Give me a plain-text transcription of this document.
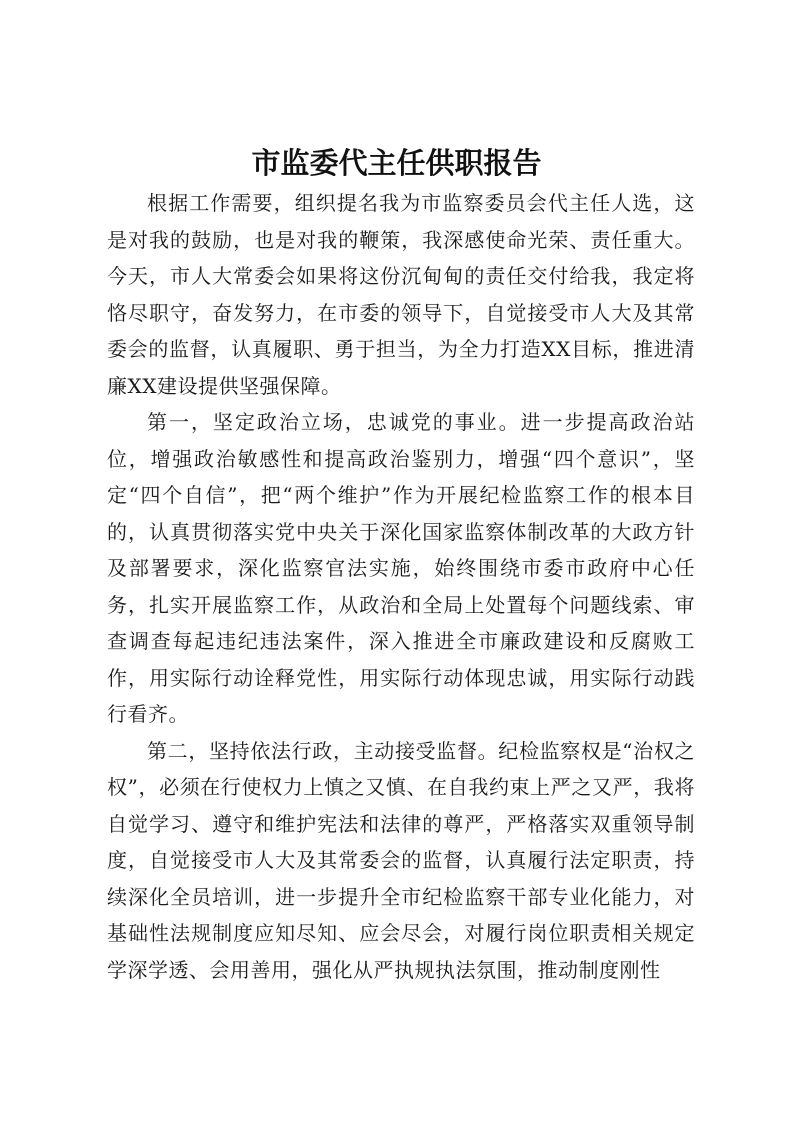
市监委代主任供职报告

根据工作需要，组织提名我为市监察委员会代主任人选，这是对我的鼓励，也是对我的鞭策，我深感使命光荣、责任重大。今天，市人大常委会如果将这份沉甸甸的责任交付给我，我定将恪尽职守，奋发努力，在市委的领导下，自觉接受市人大及其常委会的监督，认真履职、勇于担当，为全力打造XX目标，推进清廉XX建设提供坚强保障。

第一，坚定政治立场，忠诚党的事业。进一步提高政治站位，增强政治敏感性和提高政治鉴别力，增强“四个意识”，坚定“四个自信”，把“两个维护”作为开展纪检监察工作的根本目的，认真贯彻落实党中央关于深化国家监察体制改革的大政方针及部署要求，深化监察官法实施，始终围绕市委市政府中心任务，扎实开展监察工作，从政治和全局上处置每个问题线索、审查调查每起违纪违法案件，深入推进全市廉政建设和反腐败工作，用实际行动诠释党性，用实际行动体现忠诚，用实际行动践行看齐。

第二，坚持依法行政，主动接受监督。纪检监察权是“治权之权”，必须在行使权力上慎之又慎、在自我约束上严之又严，我将自觉学习、遵守和维护宪法和法律的尊严，严格落实双重领导制度，自觉接受市人大及其常委会的监督，认真履行法定职责，持续深化全员培训，进一步提升全市纪检监察干部专业化能力，对基础性法规制度应知尽知、应会尽会，对履行岗位职责相关规定学深学透、会用善用，强化从严执规执法氛围，推动制度刚性
